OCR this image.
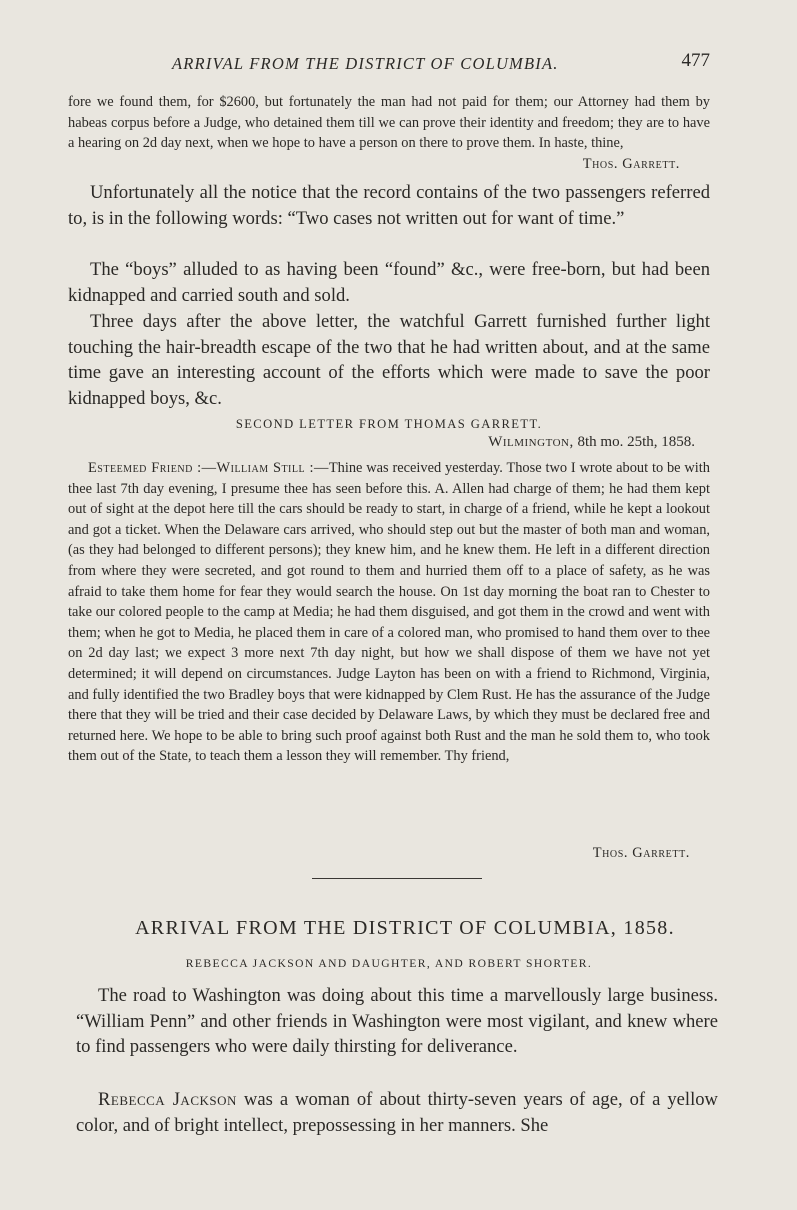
ARRIVAL FROM THE DISTRICT OF COLUMBIA.	477

fore we found them, for $2600, but fortunately the man had not paid for them; our Attorney had them by habeas corpus before a Judge, who detained them till we can prove their identity and freedom; they are to have a hearing on 2d day next, when we hope to have a person on there to prove them. In haste, thine,
Thos. Garrett.

Unfortunately all the notice that the record contains of the two passengers referred to, is in the following words: “Two cases not written out for want of time.”

The “boys” alluded to as having been “found” &c., were free-born, but had been kidnapped and carried south and sold.

Three days after the above letter, the watchful Garrett furnished further light touching the hair-breadth escape of the two that he had written about, and at the same time gave an interesting account of the efforts which were made to save the poor kidnapped boys, &c.

SECOND LETTER FROM THOMAS GARRETT.
Wilmington, 8th mo. 25th, 1858.

Esteemed Friend :—William Still :—Thine was received yesterday. Those two I wrote about to be with thee last 7th day evening, I presume thee has seen before this. A. Allen had charge of them; he had them kept out of sight at the depot here till the cars should be ready to start, in charge of a friend, while he kept a lookout and got a ticket. When the Delaware cars arrived, who should step out but the master of both man and woman, (as they had belonged to different persons); they knew him, and he knew them. He left in a different direction from where they were secreted, and got round to them and hurried them off to a place of safety, as he was afraid to take them home for fear they would search the house. On 1st day morning the boat ran to Chester to take our colored people to the camp at Media; he had them disguised, and got them in the crowd and went with them; when he got to Media, he placed them in care of a colored man, who promised to hand them over to thee on 2d day last; we expect 3 more next 7th day night, but how we shall dispose of them we have not yet determined; it will depend on circumstances. Judge Layton has been on with a friend to Richmond, Virginia, and fully identified the two Bradley boys that were kidnapped by Clem Rust. He has the assurance of the Judge there that they will be tried and their case decided by Delaware Laws, by which they must be declared free and returned here. We hope to be able to bring such proof against both Rust and the man he sold them to, who took them out of the State, to teach them a lesson they will remember. Thy friend,

Thos. Garrett.
ARRIVAL FROM THE DISTRICT OF COLUMBIA, 1858.
REBECCA JACKSON AND DAUGHTER, AND ROBERT SHORTER.

The road to Washington was doing about this time a marvellously large business. “William Penn” and other friends in Washington were most vigilant, and knew where to find passengers who were daily thirsting for deliverance.

Rebecca Jackson was a woman of about thirty-seven years of age, of a yellow color, and of bright intellect, prepossessing in her manners. She
